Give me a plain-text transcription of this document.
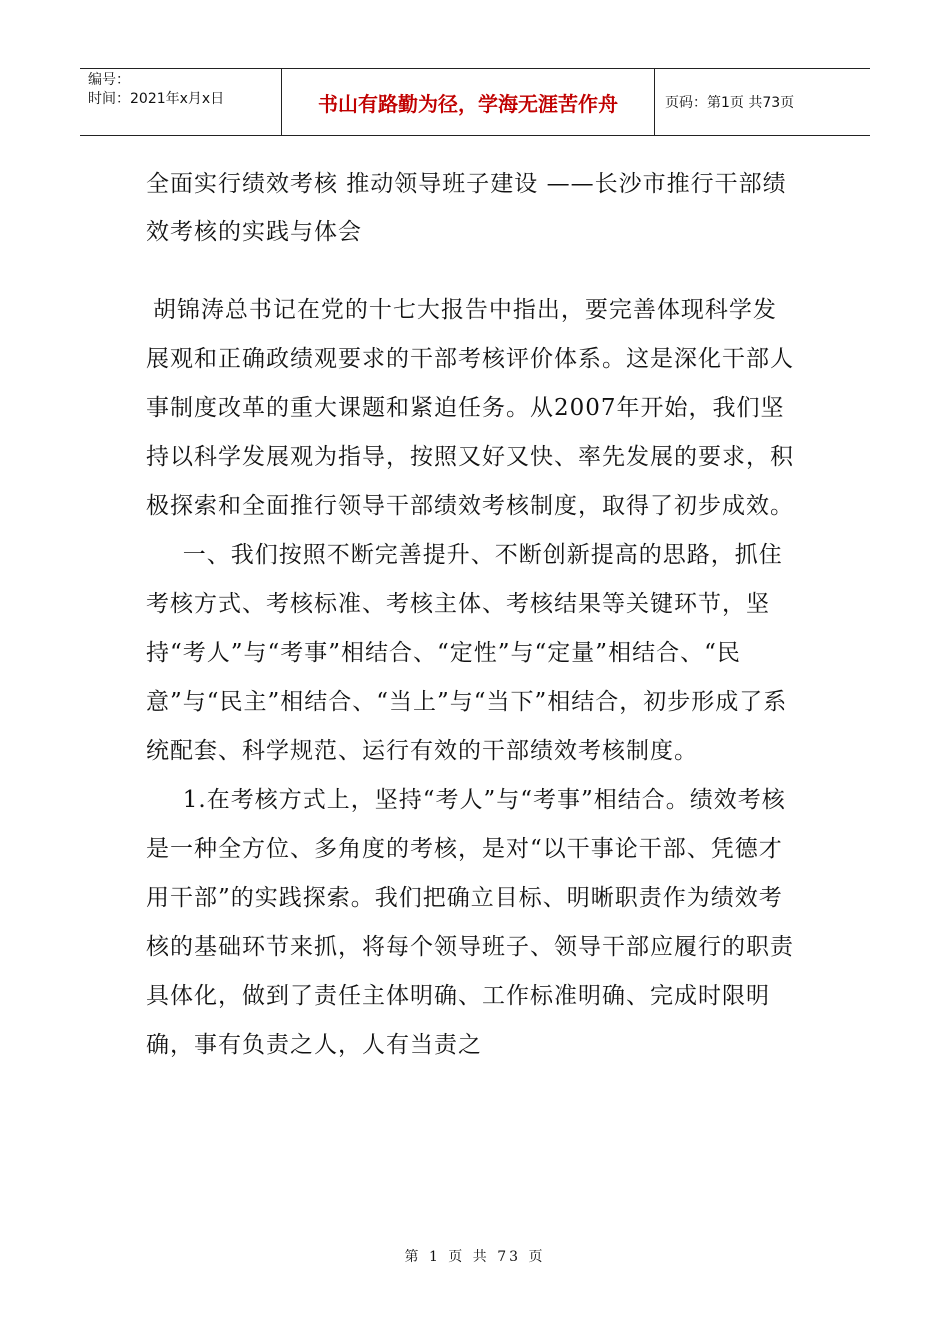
编号：
时间：2021年x月x日	书山有路勤为径，学海无涯苦作舟	页码：第1页 共73页
全面实行绩效考核 推动领导班子建设 ——长沙市推行干部绩效考核的实践与体会

胡锦涛总书记在党的十七大报告中指出，要完善体现科学发展观和正确政绩观要求的干部考核评价体系。这是深化干部人事制度改革的重大课题和紧迫任务。从2007年开始，我们坚持以科学发展观为指导，按照又好又快、率先发展的要求，积极探索和全面推行领导干部绩效考核制度，取得了初步成效。

一、我们按照不断完善提升、不断创新提高的思路，抓住考核方式、考核标准、考核主体、考核结果等关键环节，坚持“考人”与“考事”相结合、“定性”与“定量”相结合、“民意”与“民主”相结合、“当上”与“当下”相结合，初步形成了系统配套、科学规范、运行有效的干部绩效考核制度。

1.在考核方式上，坚持“考人”与“考事”相结合。绩效考核是一种全方位、多角度的考核，是对“以干事论干部、凭德才用干部”的实践探索。我们把确立目标、明晰职责作为绩效考核的基础环节来抓，将每个领导班子、领导干部应履行的职责具体化，做到了责任主体明确、工作标准明确、完成时限明确，事有负责之人，人有当责之

第 1 页 共 73 页
